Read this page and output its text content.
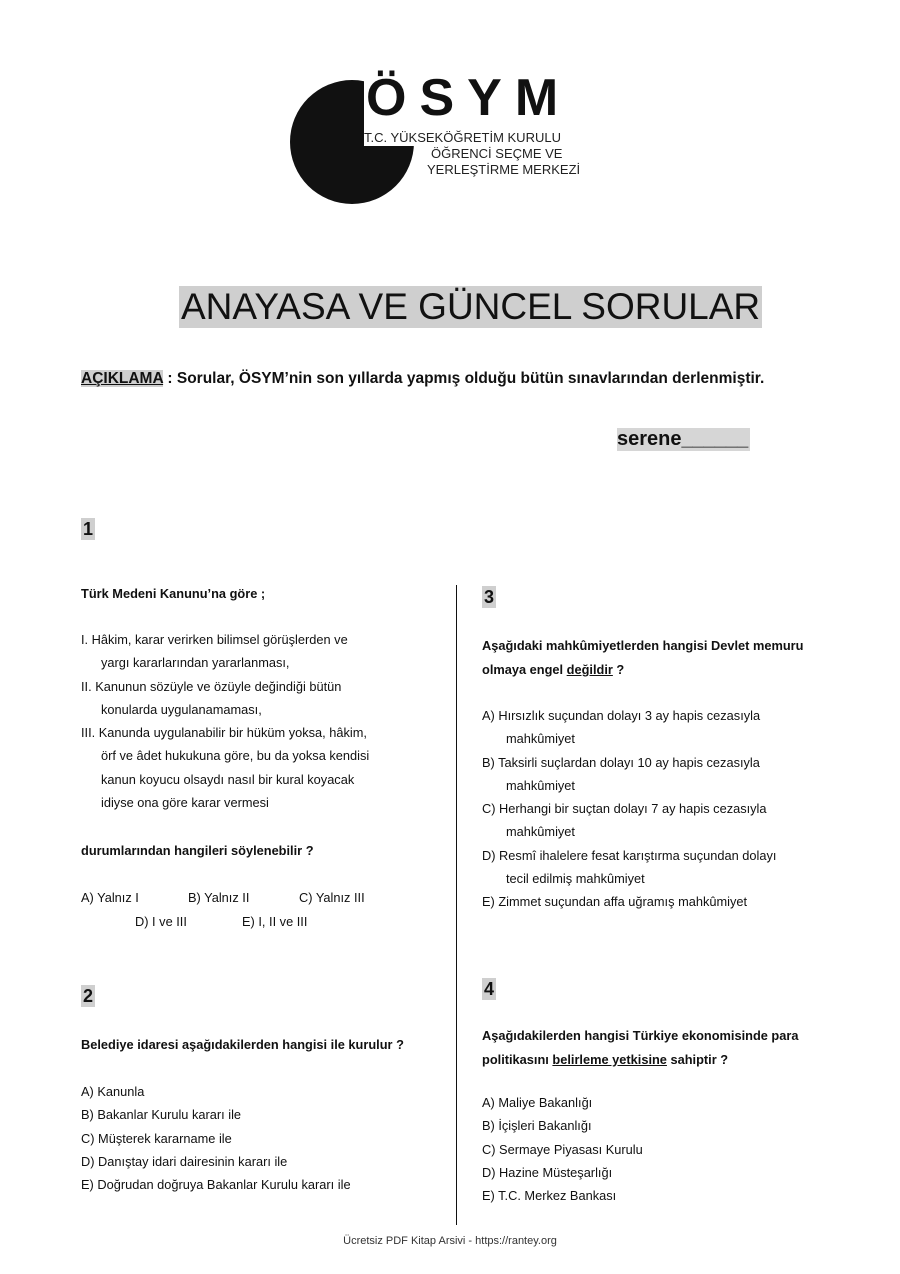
ÖSYM
T.C. YÜKSEKÖĞRETİM KURULU
ÖĞRENCİ SEÇME VE
YERLEŞTİRME MERKEZİ
ANAYASA VE GÜNCEL SORULAR
AÇIKLAMA : Sorular, ÖSYM’nin son yıllarda yapmış olduğu bütün sınavlarından derlenmiştir.
serene______
1
Türk Medeni Kanunu’na göre ;
I. Hâkim, karar verirken bilimsel görüşlerden ve
yargı kararlarından yararlanması,
II. Kanunun sözüyle ve özüyle değindiği bütün
konularda uygulanamaması,
III. Kanunda uygulanabilir bir hüküm yoksa, hâkim,
örf ve âdet hukukuna göre, bu da yoksa kendisi
kanun koyucu olsaydı nasıl bir kural koyacak
idiyse ona göre karar vermesi
durumlarından hangileri söylenebilir ?
A) Yalnız I	B) Yalnız II	C) Yalnız III
D) I ve III	E) I, II ve III
2
Belediye idaresi aşağıdakilerden hangisi ile kurulur ?
A) Kanunla
B) Bakanlar Kurulu kararı ile
C) Müşterek kararname ile
D) Danıştay idari dairesinin kararı ile
E) Doğrudan doğruya Bakanlar Kurulu kararı ile
3
Aşağıdaki mahkûmiyetlerden hangisi Devlet memuru
olmaya engel değildir ?
A) Hırsızlık suçundan dolayı 3 ay hapis cezasıyla
mahkûmiyet
B) Taksirli suçlardan dolayı 10 ay hapis cezasıyla
mahkûmiyet
C) Herhangi bir suçtan dolayı 7 ay hapis cezasıyla
mahkûmiyet
D) Resmî ihalelere fesat karıştırma suçundan dolayı
tecil edilmiş mahkûmiyet
E) Zimmet suçundan affa uğramış mahkûmiyet
4
Aşağıdakilerden hangisi Türkiye ekonomisinde para
politikasını belirleme yetkisine sahiptir ?
A) Maliye Bakanlığı
B) İçişleri Bakanlığı
C) Sermaye Piyasası Kurulu
D) Hazine Müsteşarlığı
E) T.C. Merkez Bankası
Ücretsiz PDF Kitap Arsivi - https://rantey.org
